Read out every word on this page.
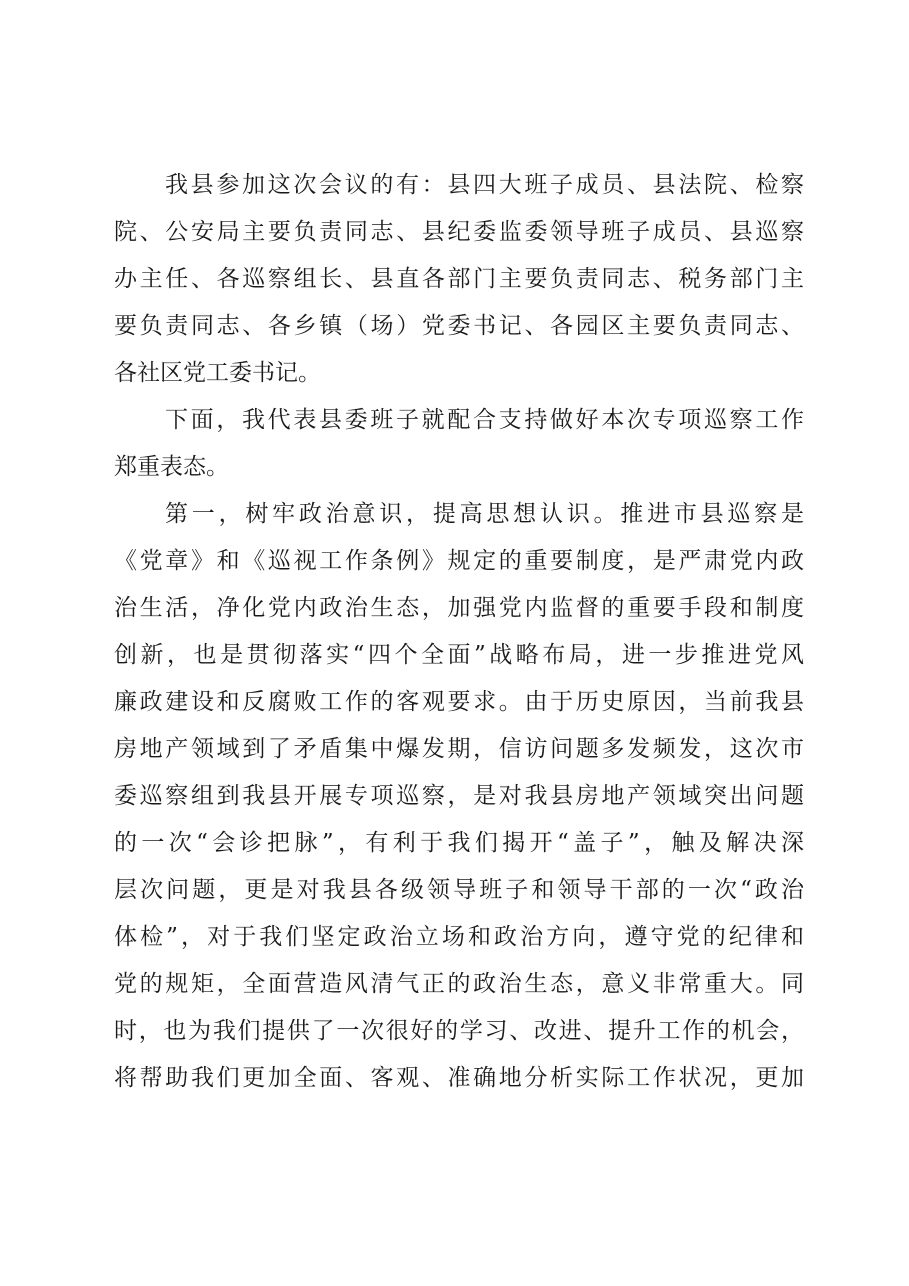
我县参加这次会议的有：县四大班子成员、县法院、检察
院、公安局主要负责同志、县纪委监委领导班子成员、县巡察
办主任、各巡察组长、县直各部门主要负责同志、税务部门主
要负责同志、各乡镇（场）党委书记、各园区主要负责同志、
各社区党工委书记。
下面，我代表县委班子就配合支持做好本次专项巡察工作
郑重表态。
第一，树牢政治意识，提高思想认识。推进市县巡察是
《党章》和《巡视工作条例》规定的重要制度，是严肃党内政
治生活，净化党内政治生态，加强党内监督的重要手段和制度
创新，也是贯彻落实“四个全面”战略布局，进一步推进党风
廉政建设和反腐败工作的客观要求。由于历史原因，当前我县
房地产领域到了矛盾集中爆发期，信访问题多发频发，这次市
委巡察组到我县开展专项巡察，是对我县房地产领域突出问题
的一次“会诊把脉”，有利于我们揭开“盖子”，触及解决深
层次问题，更是对我县各级领导班子和领导干部的一次“政治
体检”，对于我们坚定政治立场和政治方向，遵守党的纪律和
党的规矩，全面营造风清气正的政治生态，意义非常重大。同
时，也为我们提供了一次很好的学习、改进、提升工作的机会，
将帮助我们更加全面、客观、准确地分析实际工作状况，更加
